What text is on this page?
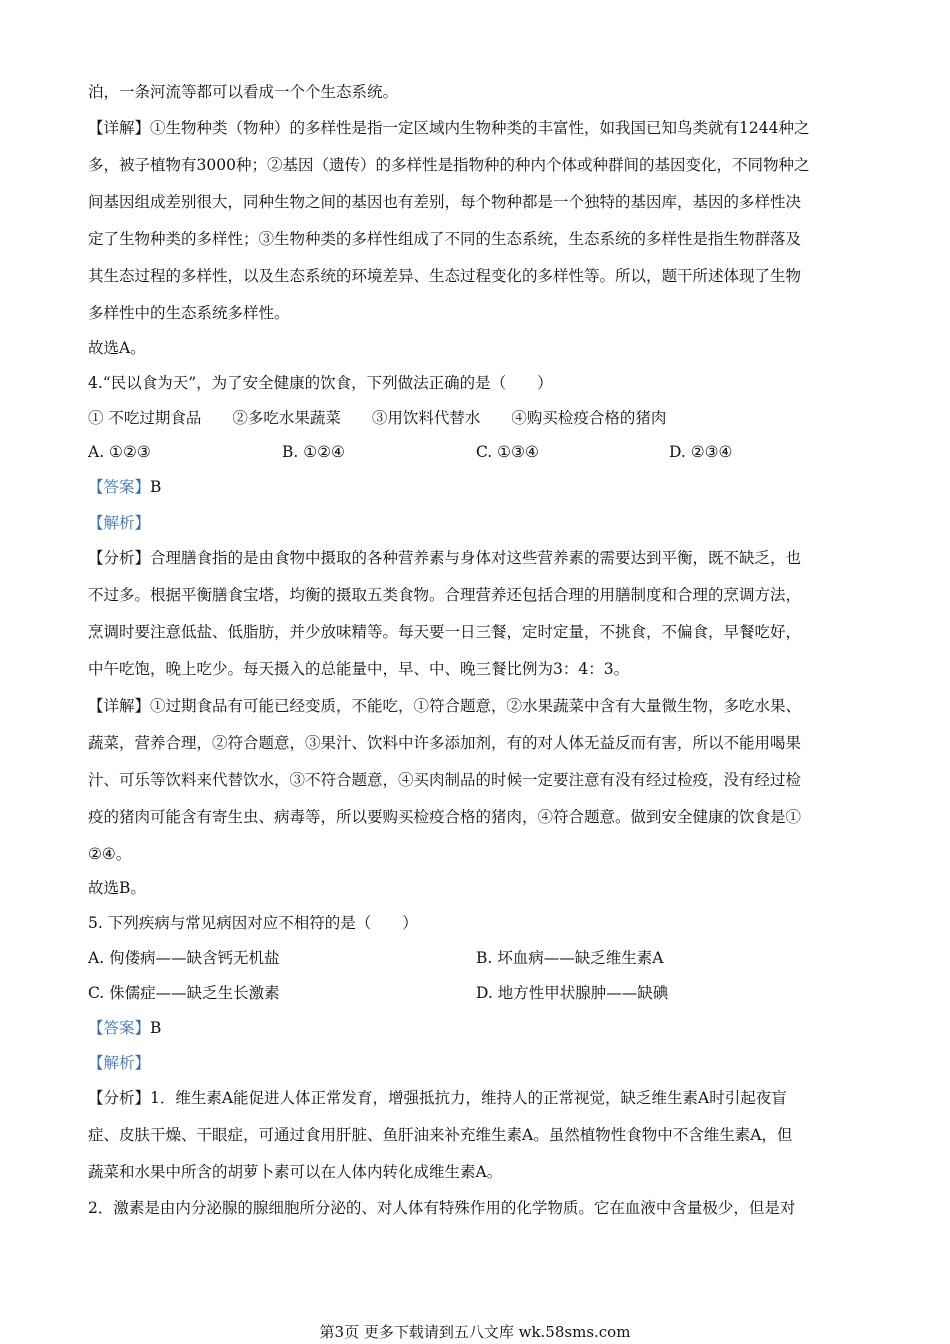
泊，一条河流等都可以看成一个个生态系统。
【详解】①生物种类（物种）的多样性是指一定区域内生物种类的丰富性，如我国已知鸟类就有1244种之
多，被子植物有3000种；②基因（遗传）的多样性是指物种的种内个体或种群间的基因变化，不同物种之
间基因组成差别很大，同种生物之间的基因也有差别，每个物种都是一个独特的基因库，基因的多样性决
定了生物种类的多样性；③生物种类的多样性组成了不同的生态系统，生态系统的多样性是指生物群落及
其生态过程的多样性，以及生态系统的环境差异、生态过程变化的多样性等。所以，题干所述体现了生物
多样性中的生态系统多样性。
故选A。
4.“民以食为天”，为了安全健康的饮食，下列做法正确的是（　　）
① 不吃过期食品　　②多吃水果蔬菜　　③用饮料代替水　　④购买检疫合格的猪肉
A. ①②③	B. ①②④	C. ①③④	D. ②③④
【答案】B
【解析】
【分析】合理膳食指的是由食物中摄取的各种营养素与身体对这些营养素的需要达到平衡，既不缺乏，也
不过多。根据平衡膳食宝塔，均衡的摄取五类食物。合理营养还包括合理的用膳制度和合理的烹调方法，
烹调时要注意低盐、低脂肪，并少放味精等。每天要一日三餐，定时定量，不挑食，不偏食，早餐吃好，
中午吃饱，晚上吃少。每天摄入的总能量中，早、中、晚三餐比例为3：4：3。
【详解】①过期食品有可能已经变质，不能吃，①符合题意，②水果蔬菜中含有大量微生物，多吃水果、
蔬菜，营养合理，②符合题意，③果汁、饮料中许多添加剂，有的对人体无益反而有害，所以不能用喝果
汁、可乐等饮料来代替饮水，③不符合题意，④买肉制品的时候一定要注意有没有经过检疫，没有经过检
疫的猪肉可能含有寄生虫、病毒等，所以要购买检疫合格的猪肉，④符合题意。做到安全健康的饮食是①
②④。
故选B。
5. 下列疾病与常见病因对应不相符的是（　　）
A. 佝偻病——缺含钙无机盐	B. 坏血病——缺乏维生素A
C. 侏儒症——缺乏生长激素	D. 地方性甲状腺肿——缺碘
【答案】B
【解析】
【分析】1．维生素A能促进人体正常发育，增强抵抗力，维持人的正常视觉，缺乏维生素A时引起夜盲
症、皮肤干燥、干眼症，可通过食用肝脏、鱼肝油来补充维生素A。虽然植物性食物中不含维生素A，但
蔬菜和水果中所含的胡萝卜素可以在人体内转化成维生素A。
2．激素是由内分泌腺的腺细胞所分泌的、对人体有特殊作用的化学物质。它在血液中含量极少，但是对
第3页 更多下载请到五八文库 wk.58sms.com
